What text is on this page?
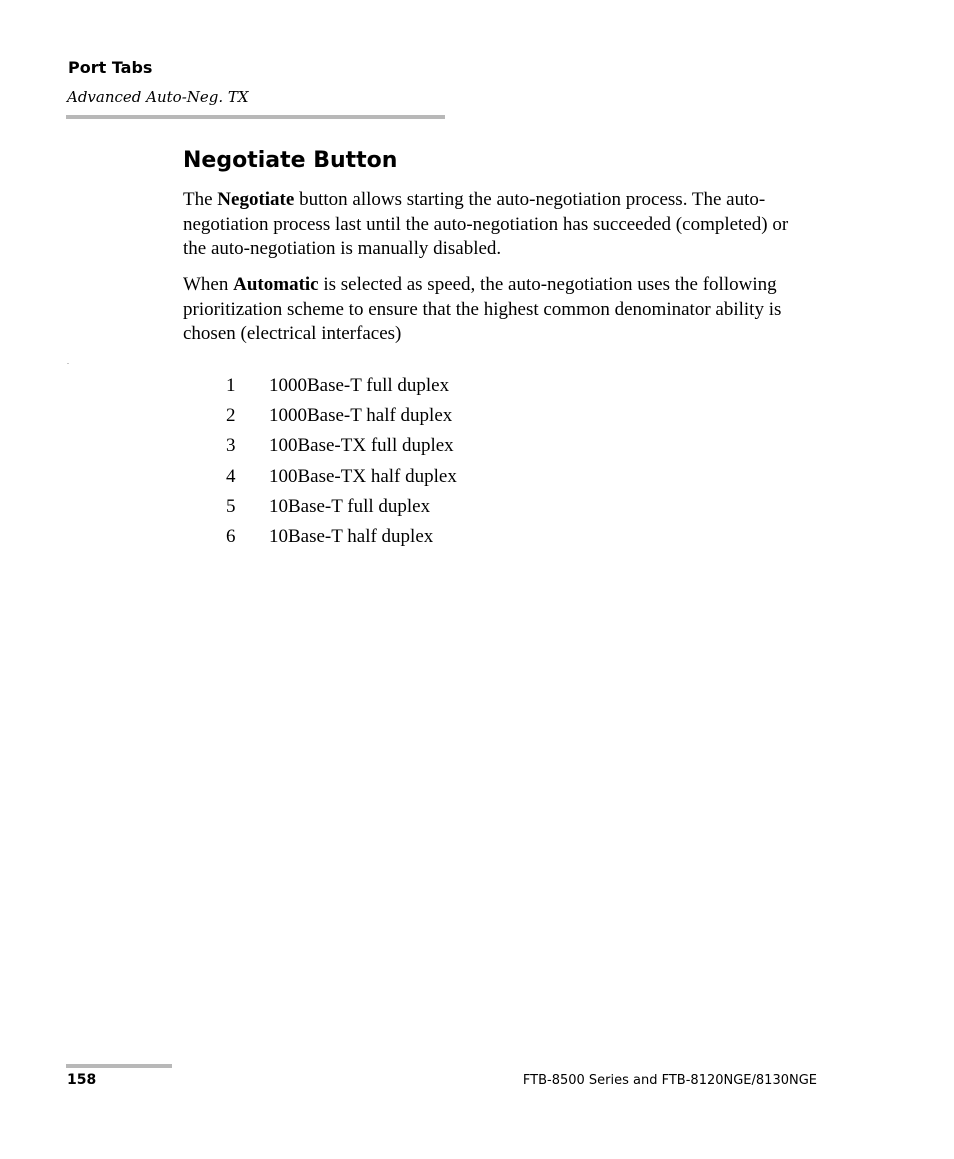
Port Tabs
Advanced Auto-Neg. TX
Negotiate Button

The Negotiate button allows starting the auto-negotiation process. The auto-negotiation process last until the auto-negotiation has succeeded (completed) or the auto-negotiation is manually disabled.

When Automatic is selected as speed, the auto-negotiation uses the following prioritization scheme to ensure that the highest common denominator ability is chosen (electrical interfaces)

1	1000Base-T full duplex
2	1000Base-T half duplex
3	100Base-TX full duplex
4	100Base-TX half duplex
5	10Base-T full duplex
6	10Base-T half duplex
158	FTB-8500 Series and FTB-8120NGE/8130NGE
